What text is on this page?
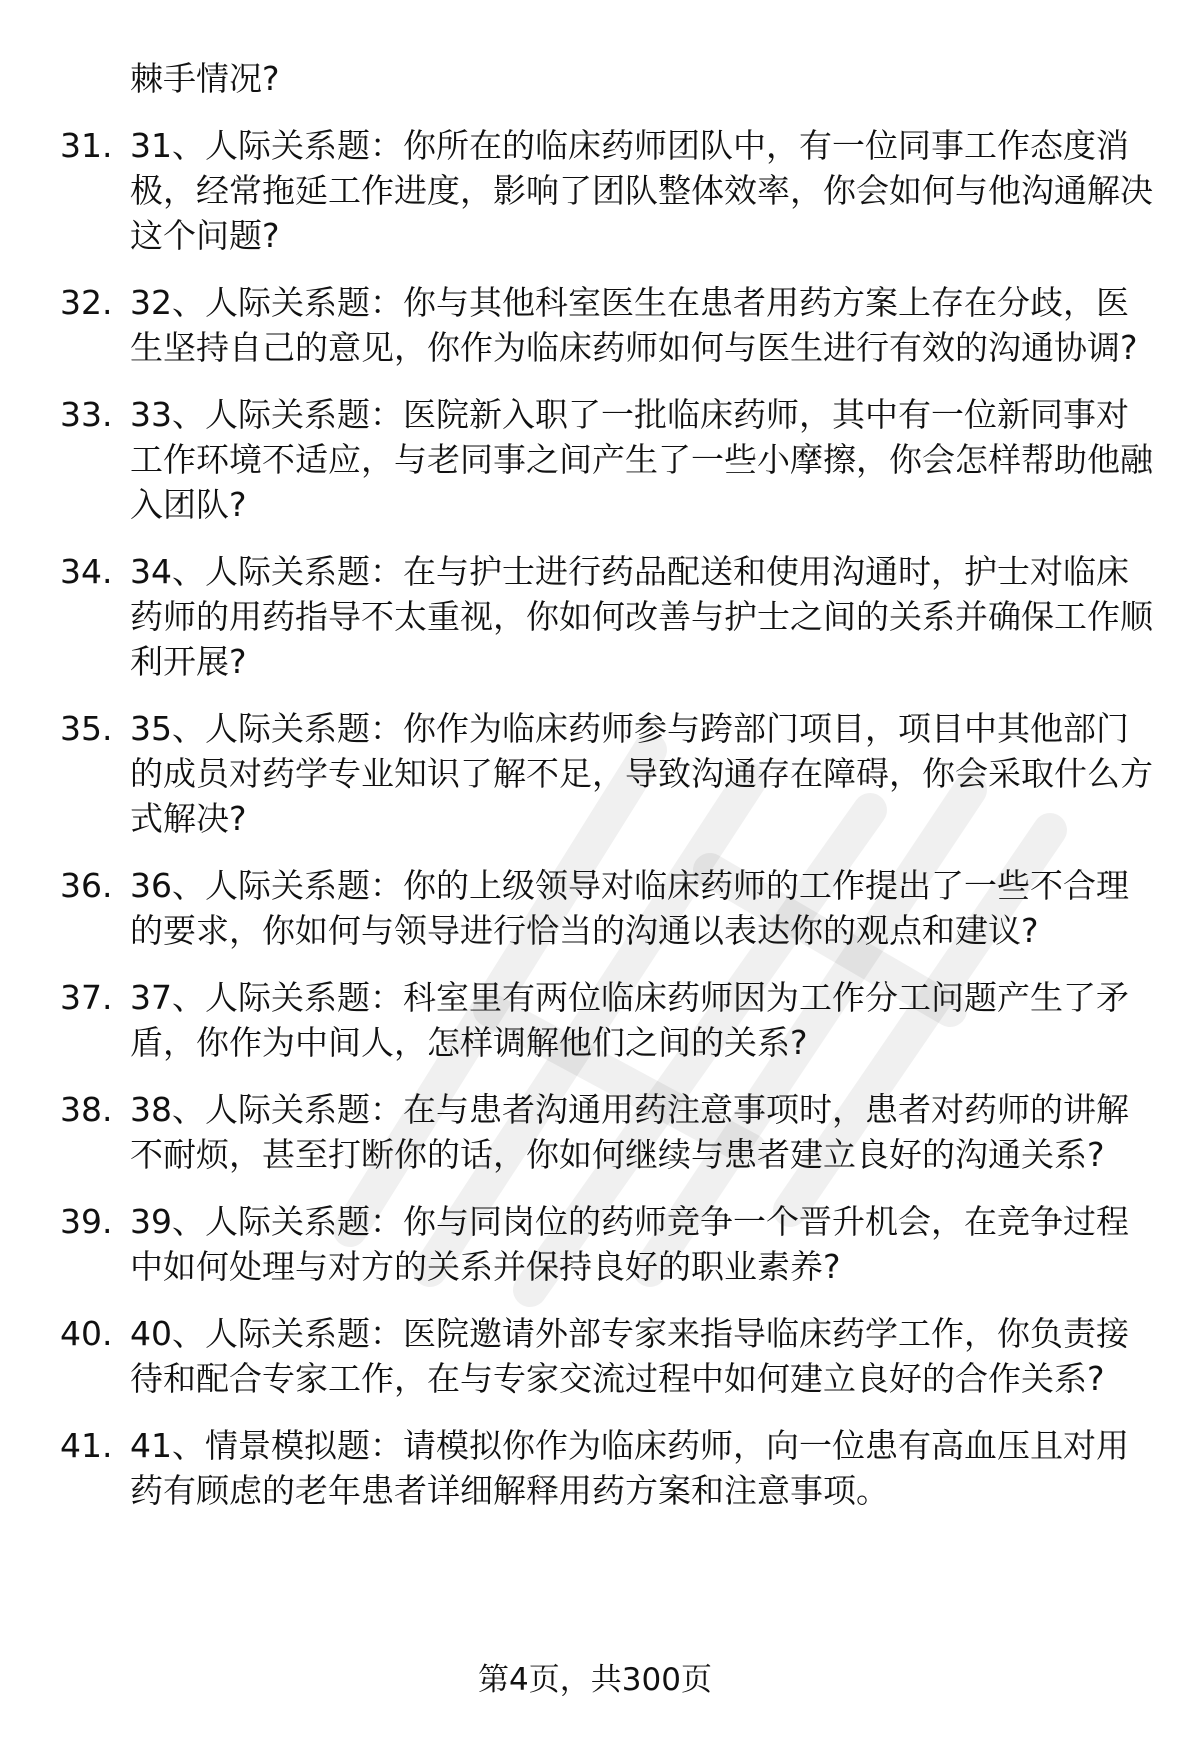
棘手情况?
31. 31、人际关系题：你所在的临床药师团队中，有一位同事工作态度消极，经常拖延工作进度，影响了团队整体效率，你会如何与他沟通解决这个问题?
32. 32、人际关系题：你与其他科室医生在患者用药方案上存在分歧，医生坚持自己的意见，你作为临床药师如何与医生进行有效的沟通协调?
33. 33、人际关系题：医院新入职了一批临床药师，其中有一位新同事对工作环境不适应，与老同事之间产生了一些小摩擦，你会怎样帮助他融入团队?
34. 34、人际关系题：在与护士进行药品配送和使用沟通时，护士对临床药师的用药指导不太重视，你如何改善与护士之间的关系并确保工作顺利开展?
35. 35、人际关系题：你作为临床药师参与跨部门项目，项目中其他部门的成员对药学专业知识了解不足，导致沟通存在障碍，你会采取什么方式解决?
36. 36、人际关系题：你的上级领导对临床药师的工作提出了一些不合理的要求，你如何与领导进行恰当的沟通以表达你的观点和建议?
37. 37、人际关系题：科室里有两位临床药师因为工作分工问题产生了矛盾，你作为中间人，怎样调解他们之间的关系?
38. 38、人际关系题：在与患者沟通用药注意事项时，患者对药师的讲解不耐烦，甚至打断你的话，你如何继续与患者建立良好的沟通关系?
39. 39、人际关系题：你与同岗位的药师竞争一个晋升机会，在竞争过程中如何处理与对方的关系并保持良好的职业素养?
40. 40、人际关系题：医院邀请外部专家来指导临床药学工作，你负责接待和配合专家工作，在与专家交流过程中如何建立良好的合作关系?
41. 41、情景模拟题：请模拟你作为临床药师，向一位患有高血压且对用药有顾虑的老年患者详细解释用药方案和注意事项。
第4页，共300页
